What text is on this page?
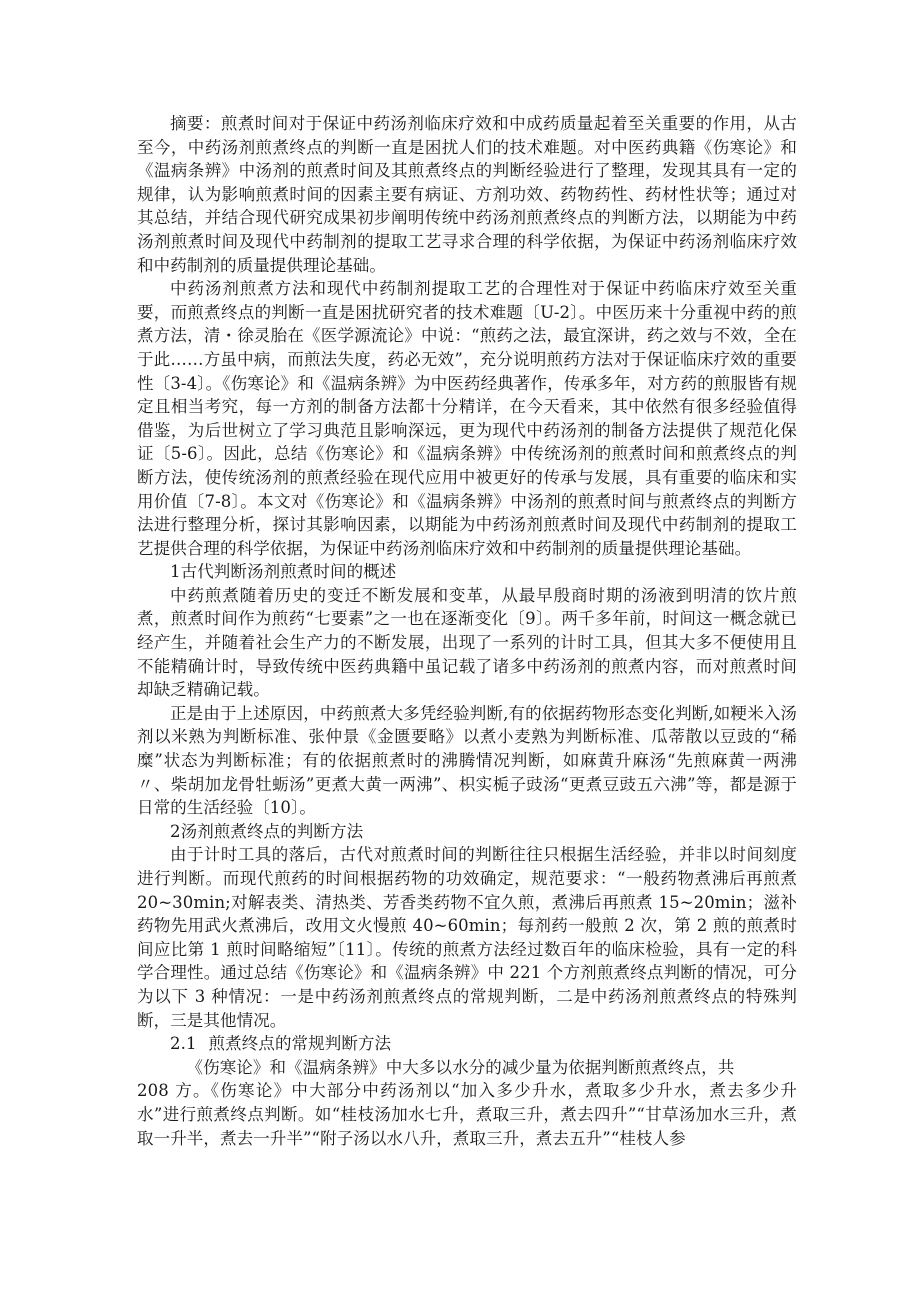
摘要：煎煮时间对于保证中药汤剂临床疗效和中成药质量起着至关重要的作用，从古至今，中药汤剂煎煮终点的判断一直是困扰人们的技术难题。对中医药典籍《伤寒论》和《温病条辨》中汤剂的煎煮时间及其煎煮终点的判断经验进行了整理，发现其具有一定的规律，认为影响煎煮时间的因素主要有病证、方剂功效、药物药性、药材性状等；通过对其总结，并结合现代研究成果初步阐明传统中药汤剂煎煮终点的判断方法，以期能为中药汤剂煎煮时间及现代中药制剂的提取工艺寻求合理的科学依据，为保证中药汤剂临床疗效和中药制剂的质量提供理论基础。

中药汤剂煎煮方法和现代中药制剂提取工艺的合理性对于保证中药临床疗效至关重要，而煎煮终点的判断一直是困扰研究者的技术难题〔U-2〕。中医历来十分重视中药的煎煮方法，清・徐灵胎在《医学源流论》中说：“煎药之法，最宜深讲，药之效与不效，全在于此……方虽中病，而煎法失度，药必无效”，充分说明煎药方法对于保证临床疗效的重要性〔3-4〕。《伤寒论》和《温病条辨》为中医药经典著作，传承多年，对方药的煎服皆有规定且相当考究，每一方剂的制备方法都十分精详，在今天看来，其中依然有很多经验值得借鉴，为后世树立了学习典范且影响深远，更为现代中药汤剂的制备方法提供了规范化保证〔5-6〕。因此，总结《伤寒论》和《温病条辨》中传统汤剂的煎煮时间和煎煮终点的判断方法，使传统汤剂的煎煮经验在现代应用中被更好的传承与发展，具有重要的临床和实用价值〔7-8〕。本文对《伤寒论》和《温病条辨》中汤剂的煎煮时间与煎煮终点的判断方法进行整理分析，探讨其影响因素，以期能为中药汤剂煎煮时间及现代中药制剂的提取工艺提供合理的科学依据，为保证中药汤剂临床疗效和中药制剂的质量提供理论基础。

1古代判断汤剂煎煮时间的概述

中药煎煮随着历史的变迁不断发展和变革，从最早殷商时期的汤液到明清的饮片煎煮，煎煮时间作为煎药“七要素”之一也在逐渐变化〔9〕。两千多年前，时间这一概念就已经产生，并随着社会生产力的不断发展，出现了一系列的计时工具，但其大多不便使用且不能精确计时，导致传统中医药典籍中虽记载了诸多中药汤剂的煎煮内容，而对煎煮时间却缺乏精确记载。

正是由于上述原因，中药煎煮大多凭经验判断,有的依据药物形态变化判断,如粳米入汤剂以米熟为判断标准、张仲景《金匮要略》以煮小麦熟为判断标准、瓜蒂散以豆豉的“稀糜”状态为判断标准；有的依据煎煮时的沸腾情况判断，如麻黄升麻汤“先煎麻黄一两沸〃、柴胡加龙骨牡蛎汤”更煮大黄一两沸”、枳实栀子豉汤“更煮豆豉五六沸”等，都是源于日常的生活经验〔10〕。

2汤剂煎煮终点的判断方法

由于计时工具的落后，古代对煎煮时间的判断往往只根据生活经验，并非以时间刻度进行判断。而现代煎药的时间根据药物的功效确定，规范要求：“一般药物煮沸后再煎煮 20~30min;对解表类、清热类、芳香类药物不宜久煎，煮沸后再煎煮 15~20min；滋补药物先用武火煮沸后，改用文火慢煎 40~60min；每剂药一般煎 2 次，第 2 煎的煎煮时间应比第 1 煎时间略缩短”〔11〕。传统的煎煮方法经过数百年的临床检验，具有一定的科学合理性。通过总结《伤寒论》和《温病条辨》中 221 个方剂煎煮终点判断的情况，可分为以下 3 种情况：一是中药汤剂煎煮终点的常规判断，二是中药汤剂煎煮终点的特殊判断，三是其他情况。

2.1 煎煮终点的常规判断方法

《伤寒论》和《温病条辨》中大多以水分的减少量为依据判断煎煮终点，共

208 方。《伤寒论》中大部分中药汤剂以“加入多少升水，煮取多少升水，煮去多少升水”进行煎煮终点判断。如“桂枝汤加水七升，煮取三升，煮去四升”“甘草汤加水三升，煮取一升半，煮去一升半”“附子汤以水八升，煮取三升，煮去五升”“桂枝人参
